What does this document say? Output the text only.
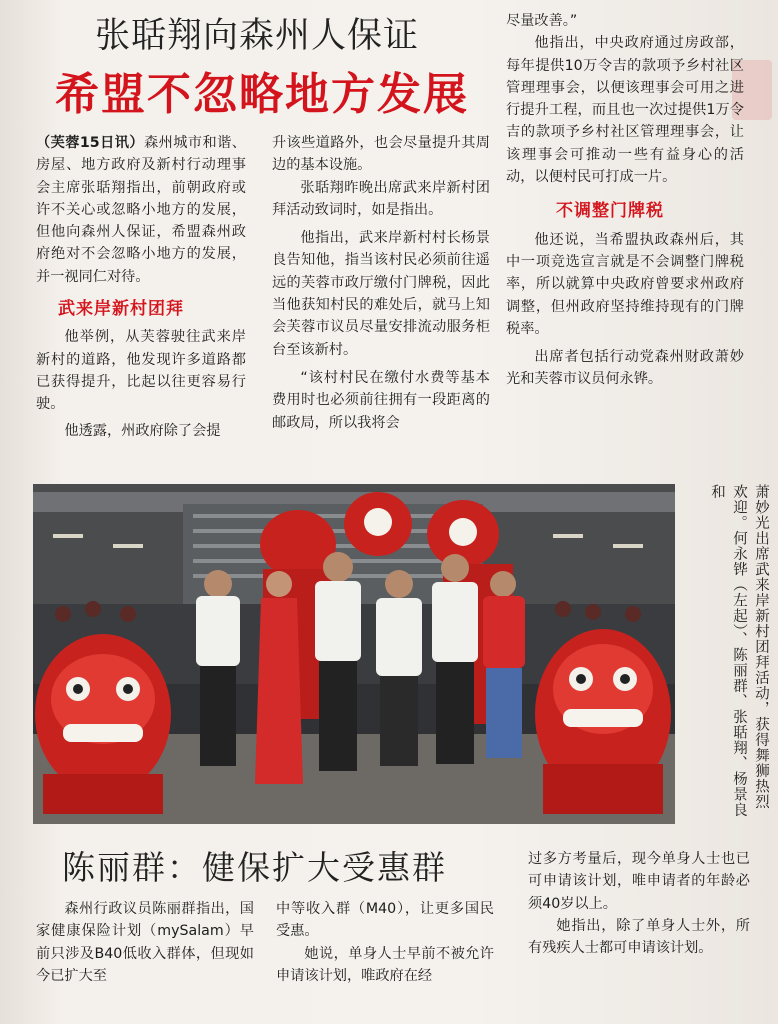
张聒翔向森州人保证
希盟不忽略地方发展

（芙蓉15日讯）森州城市和谐、房屋、地方政府及新村行动理事会主席张聒翔指出，前朝政府或许不关心或忽略小地方的发展，但他向森州人保证，希盟森州政府绝对不会忽略小地方的发展，并一视同仁对待。

武来岸新村团拜

他举例，从芙蓉驶往武来岸新村的道路，他发现许多道路都已获得提升，比起以往更容易行驶。

他透露，州政府除了会提

升该些道路外，也会尽量提升其周边的基本设施。

张聒翔昨晚出席武来岸新村团拜活动致词时，如是指出。

他指出，武来岸新村村长杨景良告知他，指当该村民必须前往遥远的芙蓉市政厅缴付门牌税，因此当他获知村民的难处后，就马上知会芙蓉市议员尽量安排流动服务柜台至该新村。

“该村村民在缴付水费等基本费用时也必须前往拥有一段距离的邮政局，所以我将会

尽量改善。”

他指出，中央政府通过房政部，每年提供10万令吉的款项予乡村社区管理理事会，以便该理事会可用之进行提升工程，而且也一次过提供1万令吉的款项予乡村社区管理理事会，让该理事会可推动一些有益身心的活动，以便村民可打成一片。

不调整门牌税

他还说，当希盟执政森州后，其中一项竞选宣言就是不会调整门牌税率，所以就算中央政府曾要求州政府调整，但州政府坚持维持现有的门牌税率。

出席者包括行动党森州财政萧妙光和芙蓉市议员何永铧。

萧妙光出席武来岸新村团拜活动，获得舞狮热烈欢迎。何永铧（左起）、陈丽群、张聒翔、杨景良和
陈丽群：健保扩大受惠群

森州行政议员陈丽群指出，国家健康保险计划（mySalam）早前只涉及B40低收入群体，但现如今已扩大至

中等收入群（M40），让更多国民受惠。

她说，单身人士早前不被允许申请该计划，唯政府在经

过多方考量后，现今单身人士也已可申请该计划，唯申请者的年龄必须40岁以上。

她指出，除了单身人士外，所有残疾人士都可申请该计划。
